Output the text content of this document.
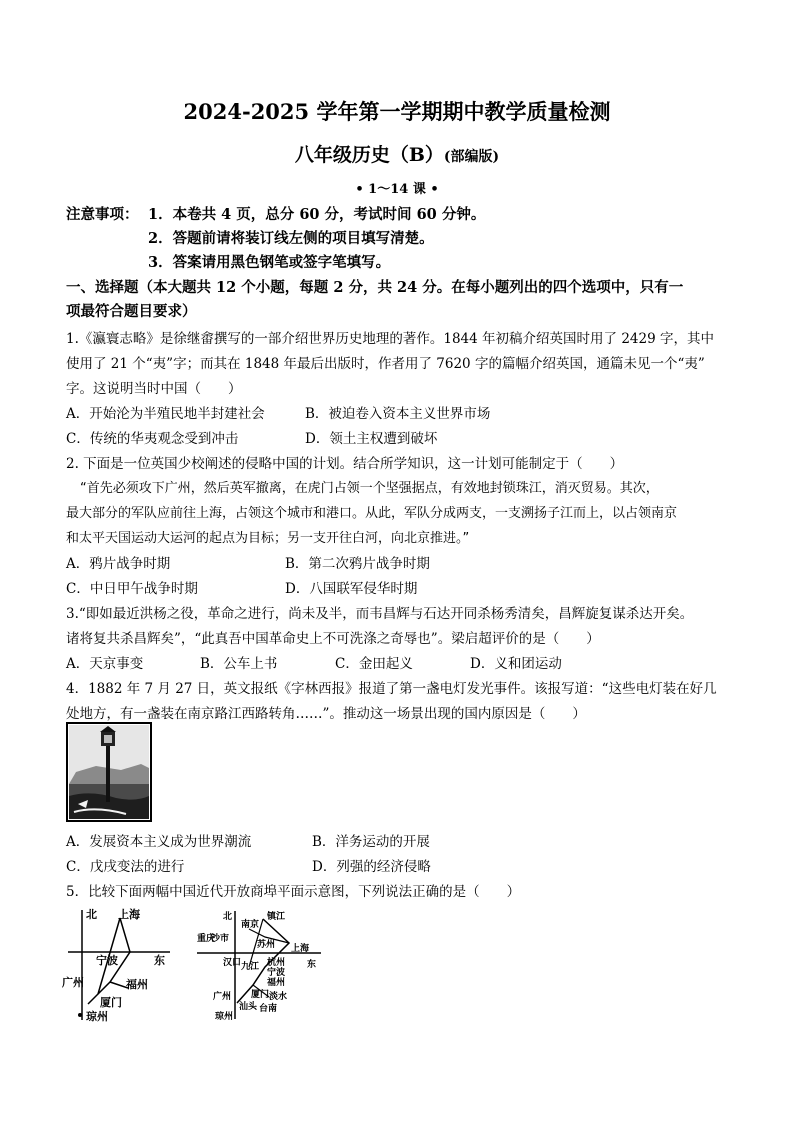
2024-2025 学年第一学期期中教学质量检测
八年级历史（B）(部编版)
• 1～14 课 •
注意事项： 1．本卷共 4 页，总分 60 分，考试时间 60 分钟。
2．答题前请将装订线左侧的项目填写清楚。
3．答案请用黑色钢笔或签字笔填写。
一、选择题（本大题共 12 个小题，每题 2 分，共 24 分。在每小题列出的四个选项中，只有一
项最符合题目要求）
1.《瀛寰志略》是徐继畬撰写的一部介绍世界历史地理的著作。1844 年初稿介绍英国时用了 2429 字，其中
使用了 21 个“夷”字；而其在 1848 年最后出版时，作者用了 7620 字的篇幅介绍英国，通篇未见一个“夷”
字。这说明当时中国（　　）
A．开始沦为半殖民地半封建社会	B．被迫卷入资本主义世界市场
C．传统的华夷观念受到冲击	D．领土主权遭到破坏
2. 下面是一位英国少校阐述的侵略中国的计划。结合所学知识，这一计划可能制定于（　　）
“首先必须攻下广州，然后英军撤离，在虎门占领一个坚强据点，有效地封锁珠江，消灭贸易。其次，
最大部分的军队应前往上海，占领这个城市和港口。从此，军队分成两支，一支溯扬子江而上，以占领南京
和太平天国运动大运河的起点为目标；另一支开往白河，向北京推进。”
A．鸦片战争时期	B．第二次鸦片战争时期
C．中日甲午战争时期	D．八国联军侵华时期
3.“即如最近洪杨之役，革命之进行，尚未及半，而韦昌辉与石达开同杀杨秀清矣，昌辉旋复谋杀达开矣。
诸将复共杀昌辉矣”，“此真吾中国革命史上不可洗涤之奇辱也”。梁启超评价的是（　　）
A．天京事变	B．公车上书	C．金田起义	D．义和团运动
4．1882 年 7 月 27 日，英文报纸《字林西报》报道了第一盏电灯发光事件。该报写道：“这些电灯装在好几
处地方，有一盏装在南京路江西路转角……”。推动这一场景出现的国内原因是（　　）
A．发展资本主义成为世界潮流	B．洋务运动的开展
C．戊戌变法的进行	D．列强的经济侵略
5．比较下面两幅中国近代开放商埠平面示意图，下列说法正确的是（　　）
北 上海
宁波	东
福州
广州
厦门
琼州
北
南京
镇江
重庆
沙市
苏州 上海
汉口 九江 杭州 东
宁波
福州
广州
汕头
厦门 淡水
台南
琼州
